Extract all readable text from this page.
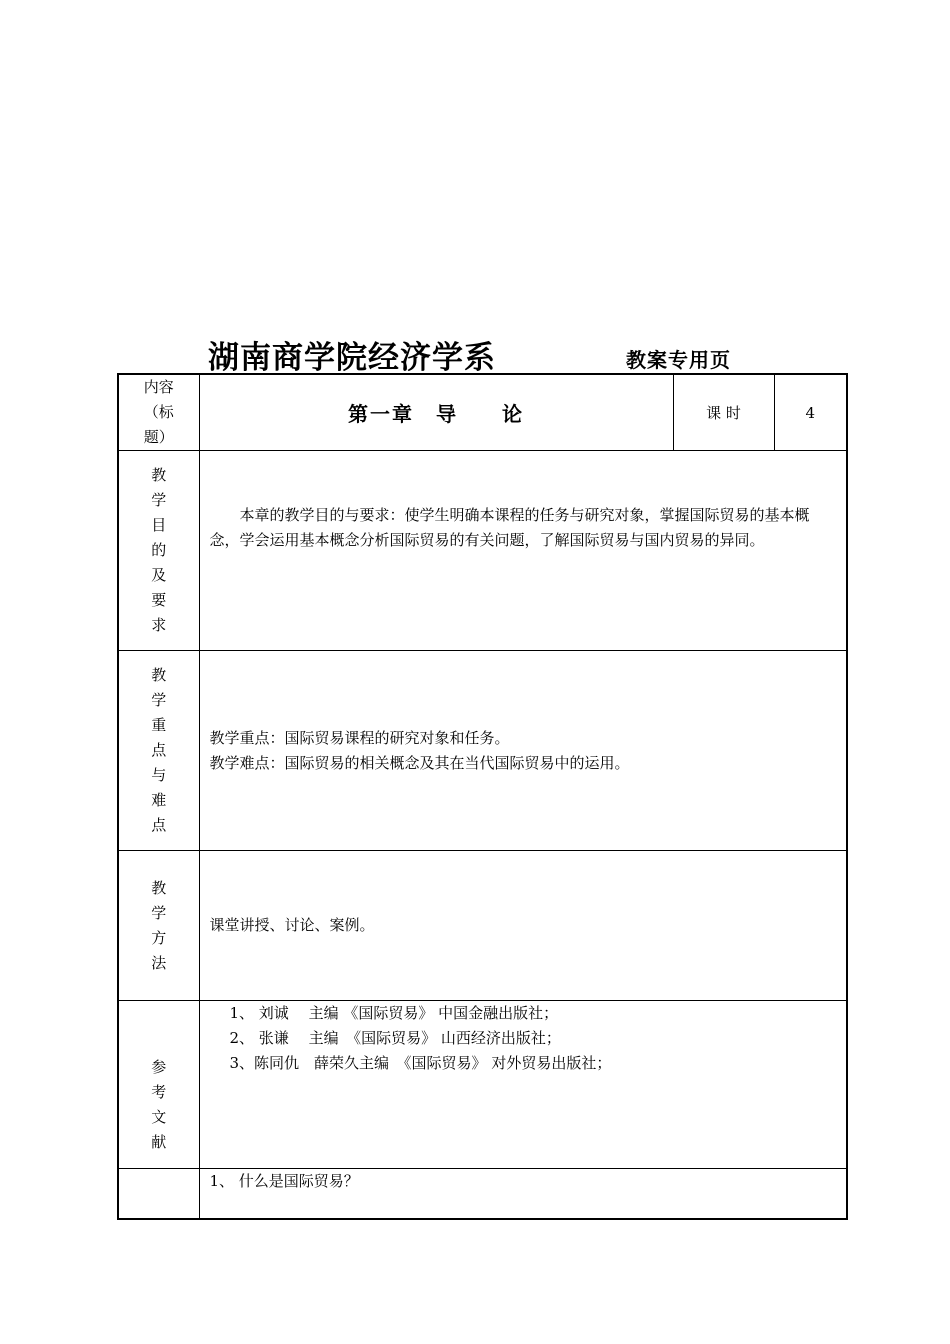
湖南商学院经济学系	教案专用页
内容（标题）	第一章　导　　论	课 时	4

教学目的及要求	本章的教学目的与要求：使学生明确本课程的任务与研究对象，掌握国际贸易的基本概念，学会运用基本概念分析国际贸易的有关问题，了解国际贸易与国内贸易的异同。		

教学重点与难点	教学重点：国际贸易课程的研究对象和任务。

教学难点：国际贸易的相关概念及其在当代国际贸易中的运用。		

教学方法	课堂讲授、讨论、案例。		

参考文献	1、 刘诚　 主编 《国际贸易》 中国金融出版社；

2、 张谦　 主编　《国际贸易》 山西经济出版社；

3、陈同仇　薛荣久主编　《国际贸易》 对外贸易出版社；		

	1、 什么是国际贸易？		
